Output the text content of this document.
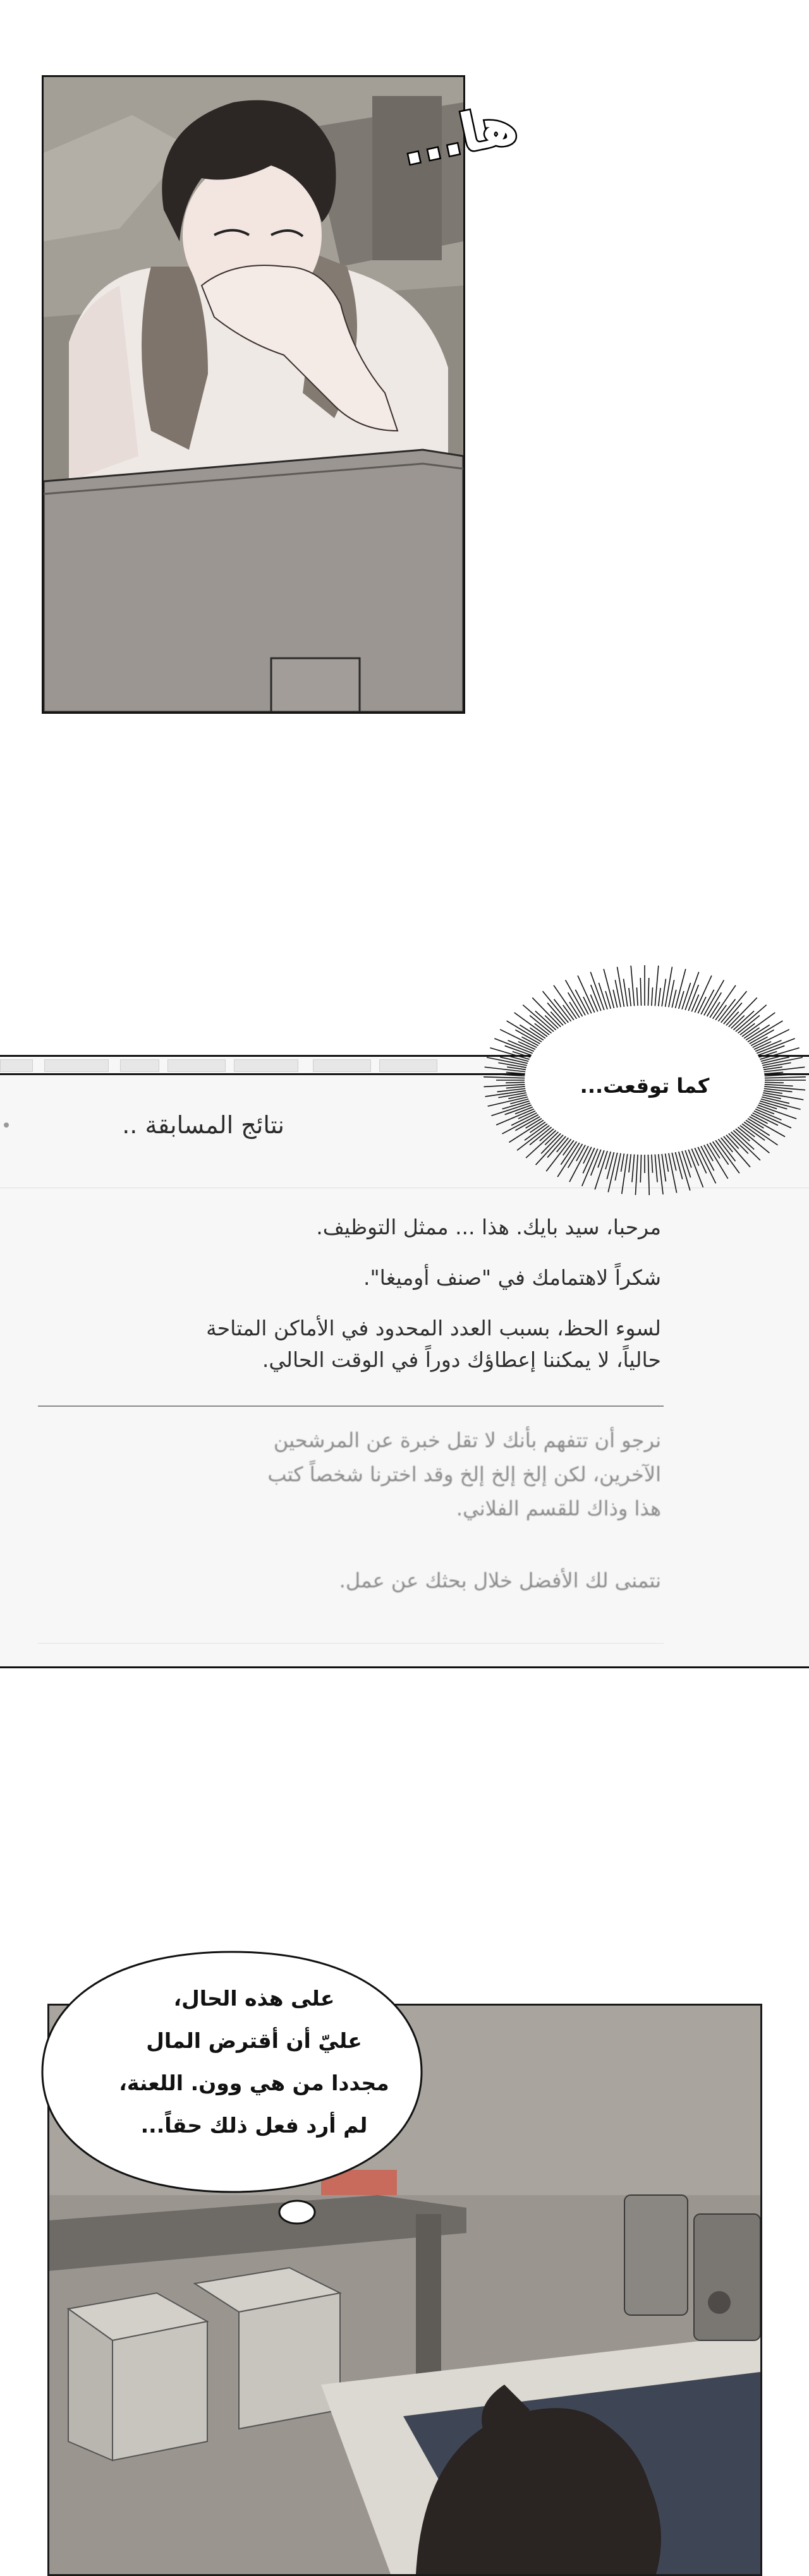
ها...
نتائج المسابقة ..
مرحبا، سيد بايك. هذا ... ممثل التوظيف.
شكراً لاهتمامك في "صنف أوميغا".
لسوء الحظ، بسبب العدد المحدود في الأماكن المتاحة
حالياً، لا يمكننا إعطاؤك دوراً في الوقت الحالي.
نرجو أن تتفهم بأنك لا تقل خبرة عن المرشحين
الآخرين، لكن إلخ إلخ إلخ وقد اخترنا شخصاً كتب
هذا وذاك للقسم الفلاني.
نتمنى لك الأفضل خلال بحثك عن عمل.
كما توقعت...
على هذه الحال،
عليّ أن أقترض المال
مجددا من هي وون. اللعنة،
لم أرد فعل ذلك حقاً...
